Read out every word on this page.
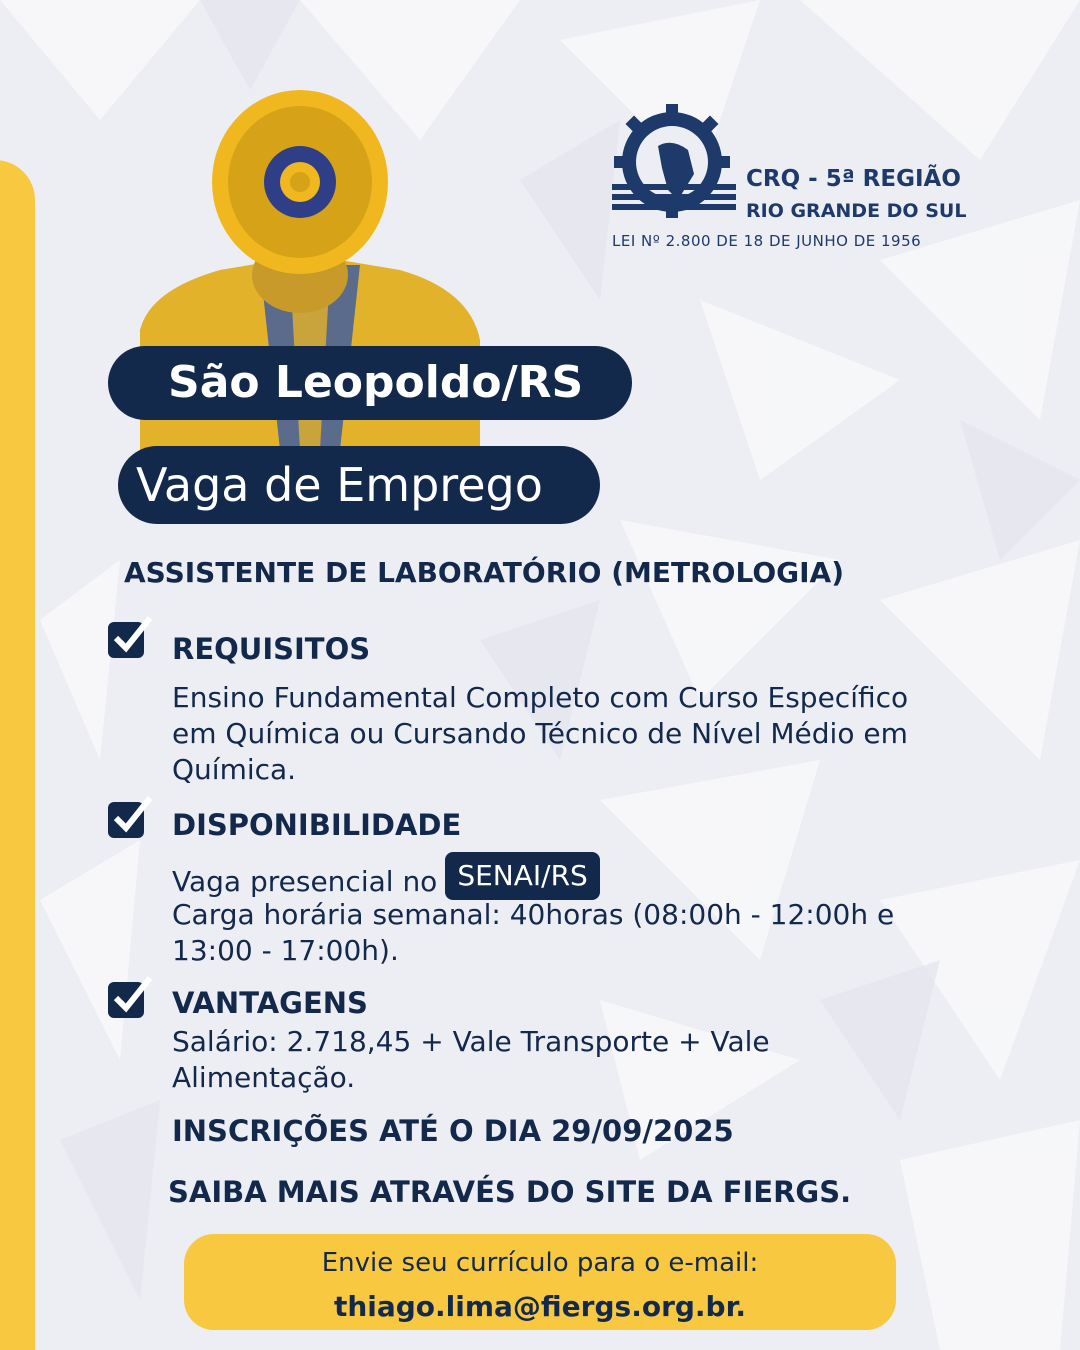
CRQ - 5ª REGIÃO
RIO GRANDE DO SUL
LEI Nº 2.800 DE 18 DE JUNHO DE 1956
São Leopoldo/RS
Vaga de Emprego
ASSISTENTE DE LABORATÓRIO (METROLOGIA)
REQUISITOS
Ensino Fundamental Completo com Curso Específico em Química ou Cursando Técnico de Nível Médio em Química.
DISPONIBILIDADE
Vaga presencial no SENAI/RS
Carga horária semanal: 40horas (08:00h - 12:00h e 13:00 - 17:00h).
VANTAGENS
Salário: 2.718,45 + Vale Transporte + Vale Alimentação.
INSCRIÇÕES ATÉ O DIA 29/09/2025
SAIBA MAIS ATRAVÉS DO SITE DA FIERGS.
Envie seu currículo para o e-mail:
thiago.lima@fiergs.org.br.
